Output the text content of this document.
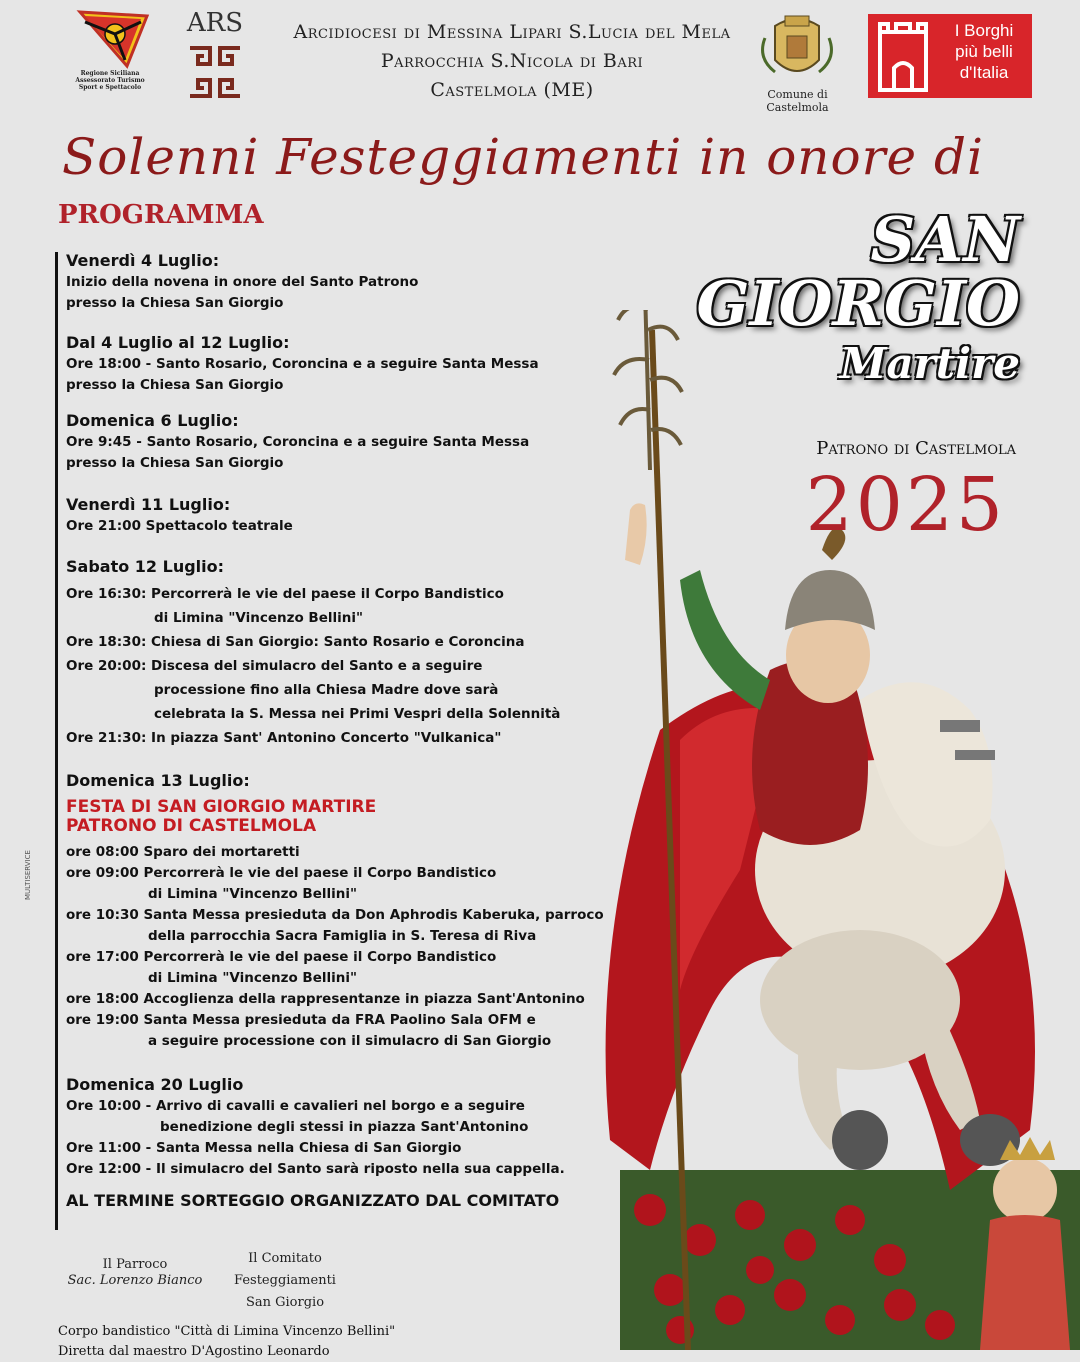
Regione Siciliana
Assessorato Turismo
Sport e Spettacolo
ARS	Arcidiocesi di Messina Lipari S.Lucia del Mela
Parrocchia S.Nicola di Bari
Castelmola (ME)	Comune di Castelmola
I Borghi
più belli
d'Italia
Solenni Festeggiamenti in onore di
PROGRAMMA	SAN
GIORGIO
Martire
Patrono di Castelmola
2025

Venerdì 4 Luglio:

Inizio della novena in onore del Santo Patrono

presso la Chiesa San Giorgio

Dal 4 Luglio al 12 Luglio:

Ore 18:00 - Santo Rosario, Coroncina e a seguire Santa Messa

presso la Chiesa San Giorgio

Domenica 6 Luglio:

Ore 9:45 - Santo Rosario, Coroncina e a seguire Santa Messa

presso la Chiesa San Giorgio

Venerdì 11 Luglio:

Ore 21:00 Spettacolo teatrale

Sabato 12 Luglio:

Ore 16:30: Percorrerà le vie del paese il Corpo Bandistico

di Limina "Vincenzo Bellini"

Ore 18:30: Chiesa di San Giorgio: Santo Rosario e Coroncina

Ore 20:00: Discesa del simulacro del Santo e a seguire

processione fino alla Chiesa Madre dove sarà

celebrata la S. Messa nei Primi Vespri della Solennità

Ore 21:30: In piazza Sant' Antonino Concerto "Vulkanica"

Domenica 13 Luglio:

FESTA DI SAN GIORGIO MARTIRE

PATRONO DI CASTELMOLA

ore 08:00 Sparo dei mortaretti

ore 09:00 Percorrerà le vie del paese il Corpo Bandistico

di Limina "Vincenzo Bellini"

ore 10:30 Santa Messa presieduta da Don Aphrodis Kaberuka, parroco

della parrocchia Sacra Famiglia in S. Teresa di Riva

ore 17:00 Percorrerà le vie del paese il Corpo Bandistico

di Limina "Vincenzo Bellini"

ore 18:00 Accoglienza della rappresentanze in piazza Sant'Antonino

ore 19:00 Santa Messa presieduta da FRA Paolino Sala OFM e

a seguire processione con il simulacro di San Giorgio

Domenica 20 Luglio

Ore 10:00 - Arrivo di cavalli e cavalieri nel borgo e a seguire

benedizione degli stessi in piazza Sant'Antonino

Ore 11:00 - Santa Messa nella Chiesa di San Giorgio

Ore 12:00 - Il simulacro del Santo sarà riposto nella sua cappella.

AL TERMINE SORTEGGIO ORGANIZZATO DAL COMITATO

Il Parroco
Sac. Lorenzo Bianco
Il Comitato
Festeggiamenti
San Giorgio
Corpo bandistico "Città di Limina Vincenzo Bellini"
Diretta dal maestro D'Agostino Leonardo
MULTISERVICE
